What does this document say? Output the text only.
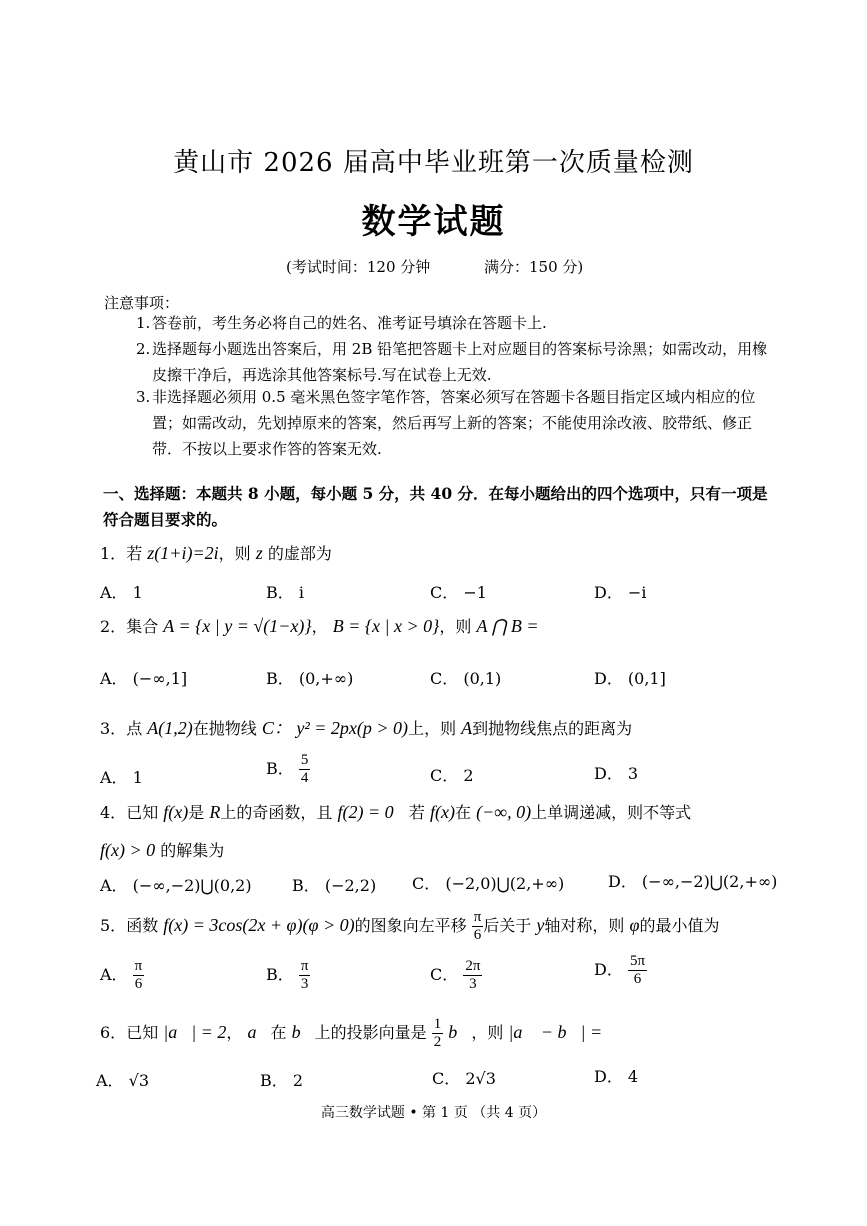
黄山市 2026 届高中毕业班第一次质量检测
数学试题
(考试时间：120 分钟	满分：150 分)
注意事项：
1. 答卷前，考生务必将自己的姓名、准考证号填涂在答题卡上.
2. 选择题每小题选出答案后，用 2B 铅笔把答题卡上对应题目的答案标号涂黑；如需改动，用橡皮擦干净后，再选涂其他答案标号.写在试卷上无效.
3. 非选择题必须用 0.5 毫米黑色签字笔作答，答案必须写在答题卡各题目指定区域内相应的位置；如需改动，先划掉原来的答案，然后再写上新的答案；不能使用涂改液、胶带纸、修正带．不按以上要求作答的答案无效.
一、选择题：本题共 8 小题，每小题 5 分，共 40 分．在每小题给出的四个选项中，只有一项是符合题目要求的。
1．若 z(1+i)=2i，则 z 的虚部为
A． 1	B． i	C． −1	D． −i
2．集合 A = {x | y = √(1−x)}， B = {x | x > 0}，则 A ⋂ B =
A． (−∞,1]	B． (0,+∞)	C． (0,1)	D． (0,1]
3．点 A(1,2)在抛物线 C： y² = 2px(p > 0)上，则 A到抛物线焦点的距离为
A． 1	B． $\frac{5}{4}$	C． 2	D． 3
4．已知 f(x)是 R上的奇函数，且 f(2) = 0 若 f(x)在 (−∞, 0)上单调递减，则不等式
f(x) > 0 的解集为
A． (−∞,−2)⋃(0,2)	B． (−2,2) C． (−2,0)⋃(2,+∞)	D． (−∞,−2)⋃(2,+∞)
5．函数 f(x) = 3cos(2x + φ)(φ > 0)的图象向左平移 $\frac{\pi}{6}$ 后关于 y轴对称，则 φ的最小值为
A． $\frac{\pi}{6}$	B． $\frac{\pi}{3}$	C． $\frac{2\pi}{3}$	D． $\frac{5\pi}{6}$
6．已知 |a⃗| = 2， a⃗在 b⃗上的投影向量是 $\frac{1}{2}$ b⃗，则 |a⃗ − b⃗| =
A． √3	B． 2	C． 2√3	D． 4
高三数学试题 • 第 1 页 （共 4 页）
